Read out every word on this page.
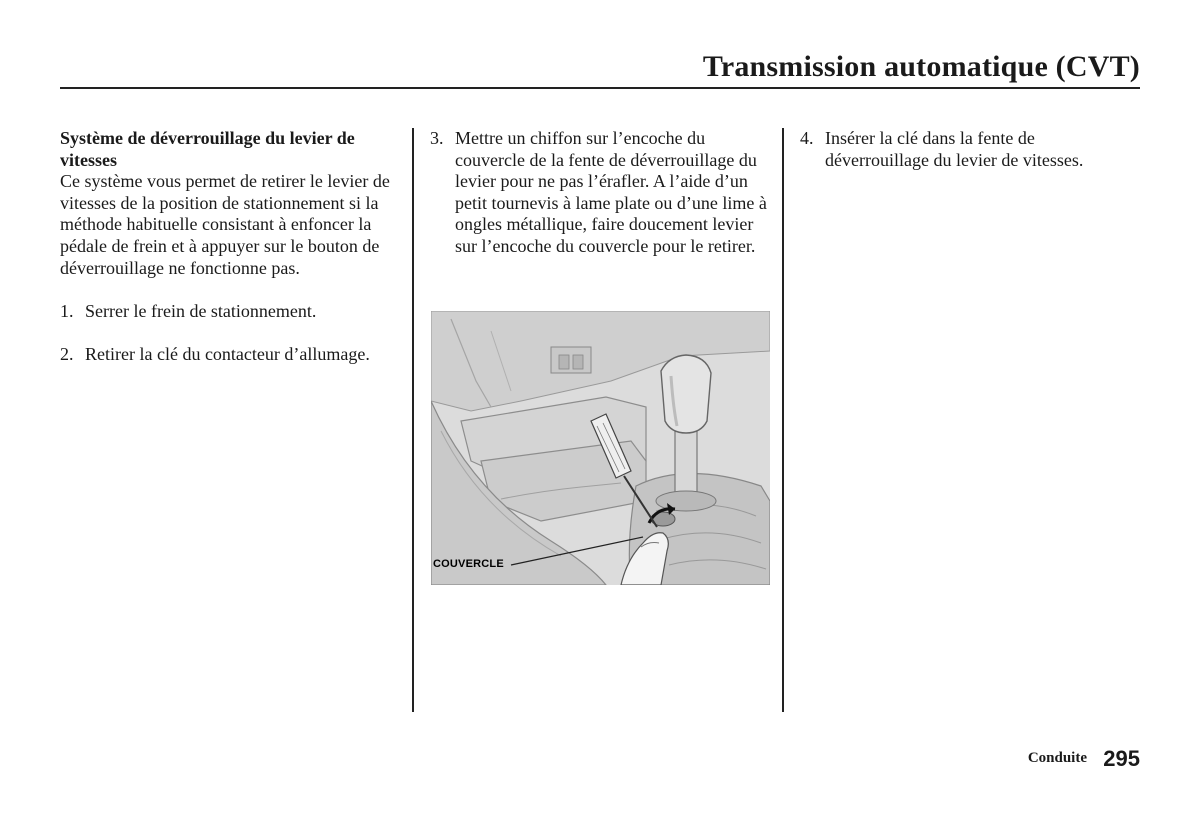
Transmission automatique (CVT)

Système de déverrouillage du levier de vitesses

Ce système vous permet de retirer le levier de vitesses de la position de stationnement si la méthode habituelle consistant à enfoncer la pédale de frein et à appuyer sur le bouton de déverrouillage ne fonctionne pas.

1. Serrer le frein de stationnement.
2. Retirer la clé du contacteur d’allumage.
3. Mettre un chiffon sur l’encoche du couvercle de la fente de déverrouillage du levier pour ne pas l’érafler. A l’aide d’un petit tournevis à lame plate ou d’une lime à ongles métallique, faire doucement levier sur l’encoche du couvercle pour le retirer.
COUVERCLE
4. Insérer la clé dans la fente de déverrouillage du levier de vitesses.
Conduite 295
